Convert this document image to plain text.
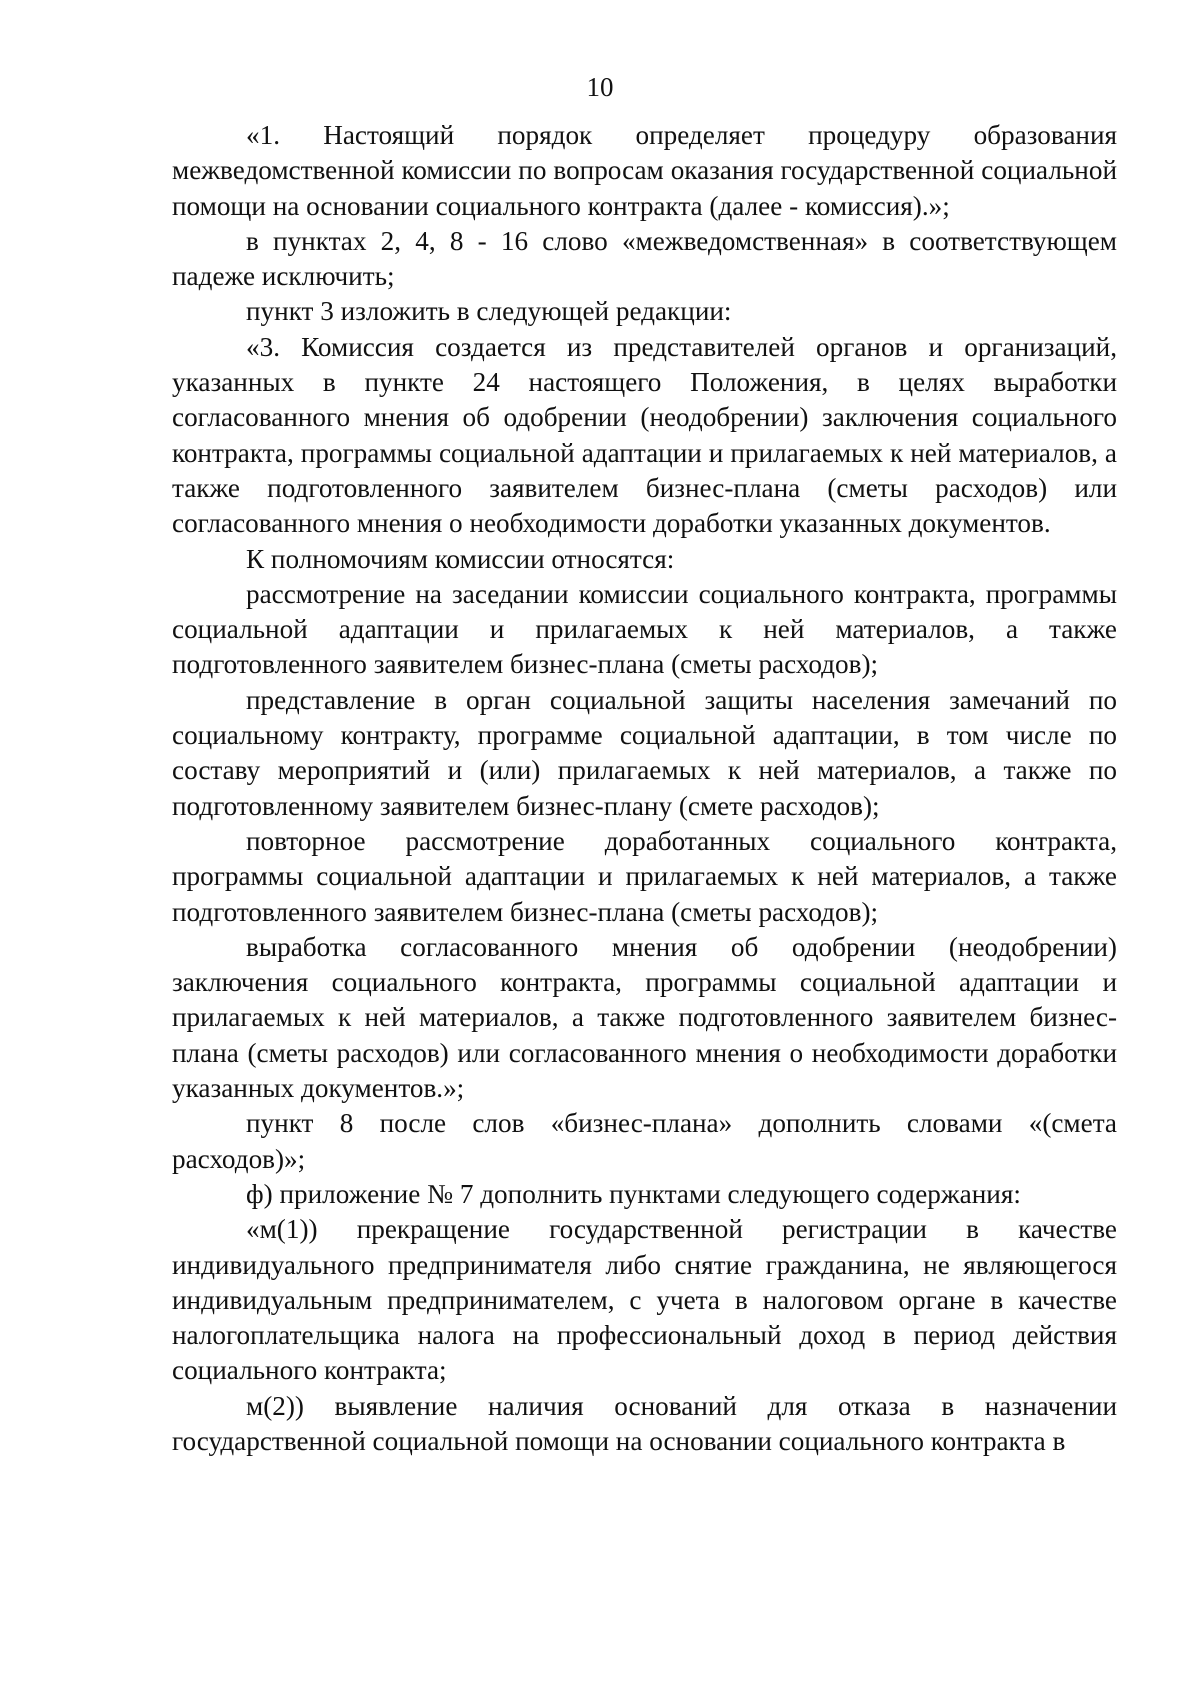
10

«1. Настоящий порядок определяет процедуру образования межведомственной комиссии по вопросам оказания государственной социальной помощи на основании социального контракта (далее - комиссия).»;

в пунктах 2, 4, 8 - 16 слово «межведомственная» в соответствующем падеже исключить;

пункт 3 изложить в следующей редакции:

«3. Комиссия создается из представителей органов и организаций, указанных в пункте 24 настоящего Положения, в целях выработки согласованного мнения об одобрении (неодобрении) заключения социального контракта, программы социальной адаптации и прилагаемых к ней материалов, а также подготовленного заявителем бизнес-плана (сметы расходов) или согласованного мнения о необходимости доработки указанных документов.

К полномочиям комиссии относятся:

рассмотрение на заседании комиссии социального контракта, программы социальной адаптации и прилагаемых к ней материалов, а также подготовленного заявителем бизнес-плана (сметы расходов);

представление в орган социальной защиты населения замечаний по социальному контракту, программе социальной адаптации, в том числе по составу мероприятий и (или) прилагаемых к ней материалов, а также по подготовленному заявителем бизнес-плану (смете расходов);

повторное рассмотрение доработанных социального контракта, программы социальной адаптации и прилагаемых к ней материалов, а также подготовленного заявителем бизнес-плана (сметы расходов);

выработка согласованного мнения об одобрении (неодобрении) заключения социального контракта, программы социальной адаптации и прилагаемых к ней материалов, а также подготовленного заявителем бизнес-плана (сметы расходов) или согласованного мнения о необходимости доработки указанных документов.»;

пункт 8 после слов «бизнес-плана» дополнить словами «(смета расходов)»;

ф) приложение № 7 дополнить пунктами следующего содержания:

«м(1)) прекращение государственной регистрации в качестве индивидуального предпринимателя либо снятие гражданина, не являющегося индивидуальным предпринимателем, с учета в налоговом органе в качестве налогоплательщика налога на профессиональный доход в период действия социального контракта;

м(2)) выявление наличия оснований для отказа в назначении государственной социальной помощи на основании социального контракта в
